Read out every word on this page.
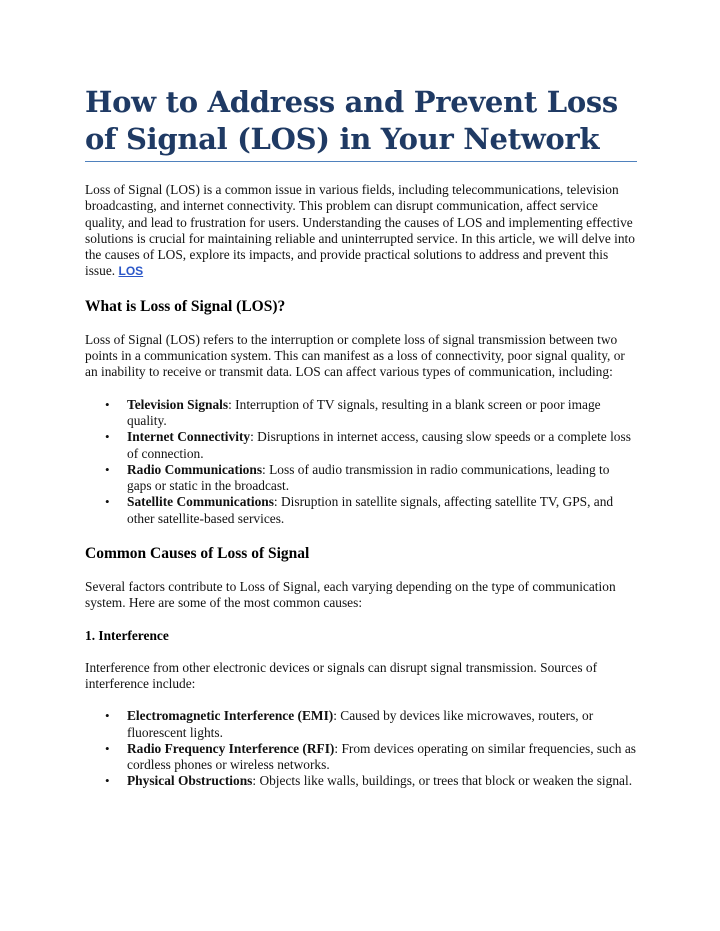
How to Address and Prevent Loss of Signal (LOS) in Your Network

Loss of Signal (LOS) is a common issue in various fields, including telecommunications, television broadcasting, and internet connectivity. This problem can disrupt communication, affect service quality, and lead to frustration for users. Understanding the causes of LOS and implementing effective solutions is crucial for maintaining reliable and uninterrupted service. In this article, we will delve into the causes of LOS, explore its impacts, and provide practical solutions to address and prevent this issue. LOS

What is Loss of Signal (LOS)?

Loss of Signal (LOS) refers to the interruption or complete loss of signal transmission between two points in a communication system. This can manifest as a loss of connectivity, poor signal quality, or an inability to receive or transmit data. LOS can affect various types of communication, including:

• Television Signals: Interruption of TV signals, resulting in a blank screen or poor image quality.
• Internet Connectivity: Disruptions in internet access, causing slow speeds or a complete loss of connection.
• Radio Communications: Loss of audio transmission in radio communications, leading to gaps or static in the broadcast.
• Satellite Communications: Disruption in satellite signals, affecting satellite TV, GPS, and other satellite-based services.
Common Causes of Loss of Signal

Several factors contribute to Loss of Signal, each varying depending on the type of communication system. Here are some of the most common causes:

1. Interference

Interference from other electronic devices or signals can disrupt signal transmission. Sources of interference include:

• Electromagnetic Interference (EMI): Caused by devices like microwaves, routers, or fluorescent lights.
• Radio Frequency Interference (RFI): From devices operating on similar frequencies, such as cordless phones or wireless networks.
• Physical Obstructions: Objects like walls, buildings, or trees that block or weaken the signal.
